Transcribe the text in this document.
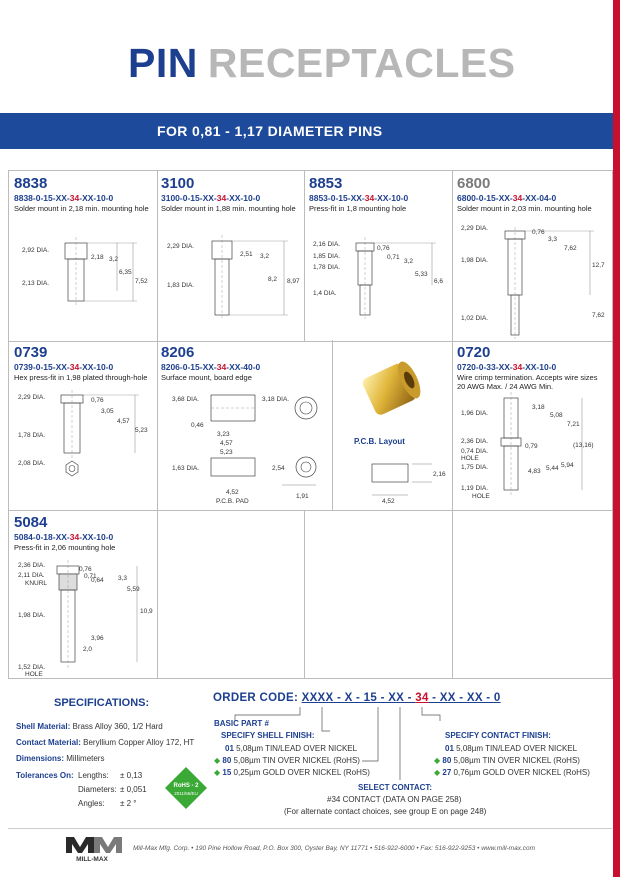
PIN RECEPTACLES
FOR 0,81 - 1,17 DIAMETER PINS
8838
8838-0-15-XX-34-XX-10-0
Solder mount in 2,18 min. mounting hole
2,92 DIA.
2,18 3,2
6,35
7,52
2,13 DIA.
3100
3100-0-15-XX-34-XX-10-0
Solder mount in 1,88 min. mounting hole
2,29 DIA.
2,51 3,2
8,2 8,97
1,83 DIA.
8853
8853-0-15-XX-34-XX-10-0
Press-fit in 1,8 mounting hole
2,16 DIA.
1,85 DIA.
1,78 DIA.
0,76
0,71
3,2
5,33
6,6
1,4 DIA.
6800
6800-0-15-XX-34-XX-04-0
Solder mount in 2,03 min. mounting hole
2,29 DIA.
0,76
3,3
7,62
12,7
1,98 DIA.
1,02 DIA.	7,62
0739
0739-0-15-XX-34-XX-10-0
Hex press-fit in 1,98 plated through-hole
2,29 DIA.	0,76
3,05
4,57
5,23
1,78 DIA.
2,08 DIA.
8206
8206-0-15-XX-34-XX-40-0
Surface mount, board edge
3,68 DIA.	3,18 DIA.
0,46
3,23
4,57
5,23
1,63 DIA.	2,54
4,52
P.C.B. PAD
1,91
P.C.B. Layout
2,16
4,52
0720
0720-0-33-XX-34-XX-10-0
Wire crimp termination. Accepts wire sizes 20 AWG Max. / 24 AWG Min.
1,96 DIA.
3,18
5,08
7,21
2,36 DIA.
0,79	(13,16)
0,74 DIA.
HOLE
1,75 DIA.
4,83 5,44 5,94
1,19 DIA.
HOLE
5084
5084-0-18-XX-34-XX-10-0
Press-fit in 2,06 mounting hole
2,36 DIA.
0,76
2,11 DIA.
KNURL
0,71	3,3
0,64
5,59
1,98 DIA.
10,9
3,96
2,0
1,52 DIA.
HOLE
SPECIFICATIONS:
Shell Material: Brass Alloy 360, 1/2 Hard
Contact Material: Beryllium Copper Alloy 172, HT
Dimensions: Millimeters
Tolerances On: Lengths: ± 0,13
Diameters: ± 0,051
Angles: ± 2 °
RoHS - 2
2011/65/EU
ORDER CODE: XXXX - X - 15 - XX - 34 - XX - XX - 0
BASIC PART #
SPECIFY SHELL FINISH:
01 5,08µm TIN/LEAD OVER NICKEL
◆ 80 5,08µm TIN OVER NICKEL (RoHS)
◆ 15 0,25µm GOLD OVER NICKEL (RoHS)
SPECIFY CONTACT FINISH:
01 5,08µm TIN/LEAD OVER NICKEL
◆ 80 5,08µm TIN OVER NICKEL (RoHS)
◆ 27 0,76µm GOLD OVER NICKEL (RoHS)
SELECT CONTACT:
#34 CONTACT (DATA ON PAGE 258)
(For alternate contact choices, see group E on page 248)
MILL-MAX
Mill-Max Mfg. Corp. • 190 Pine Hollow Road, P.O. Box 300, Oyster Bay, NY 11771 • 516-922-6000 • Fax: 516-922-9253 • www.mill-max.com
